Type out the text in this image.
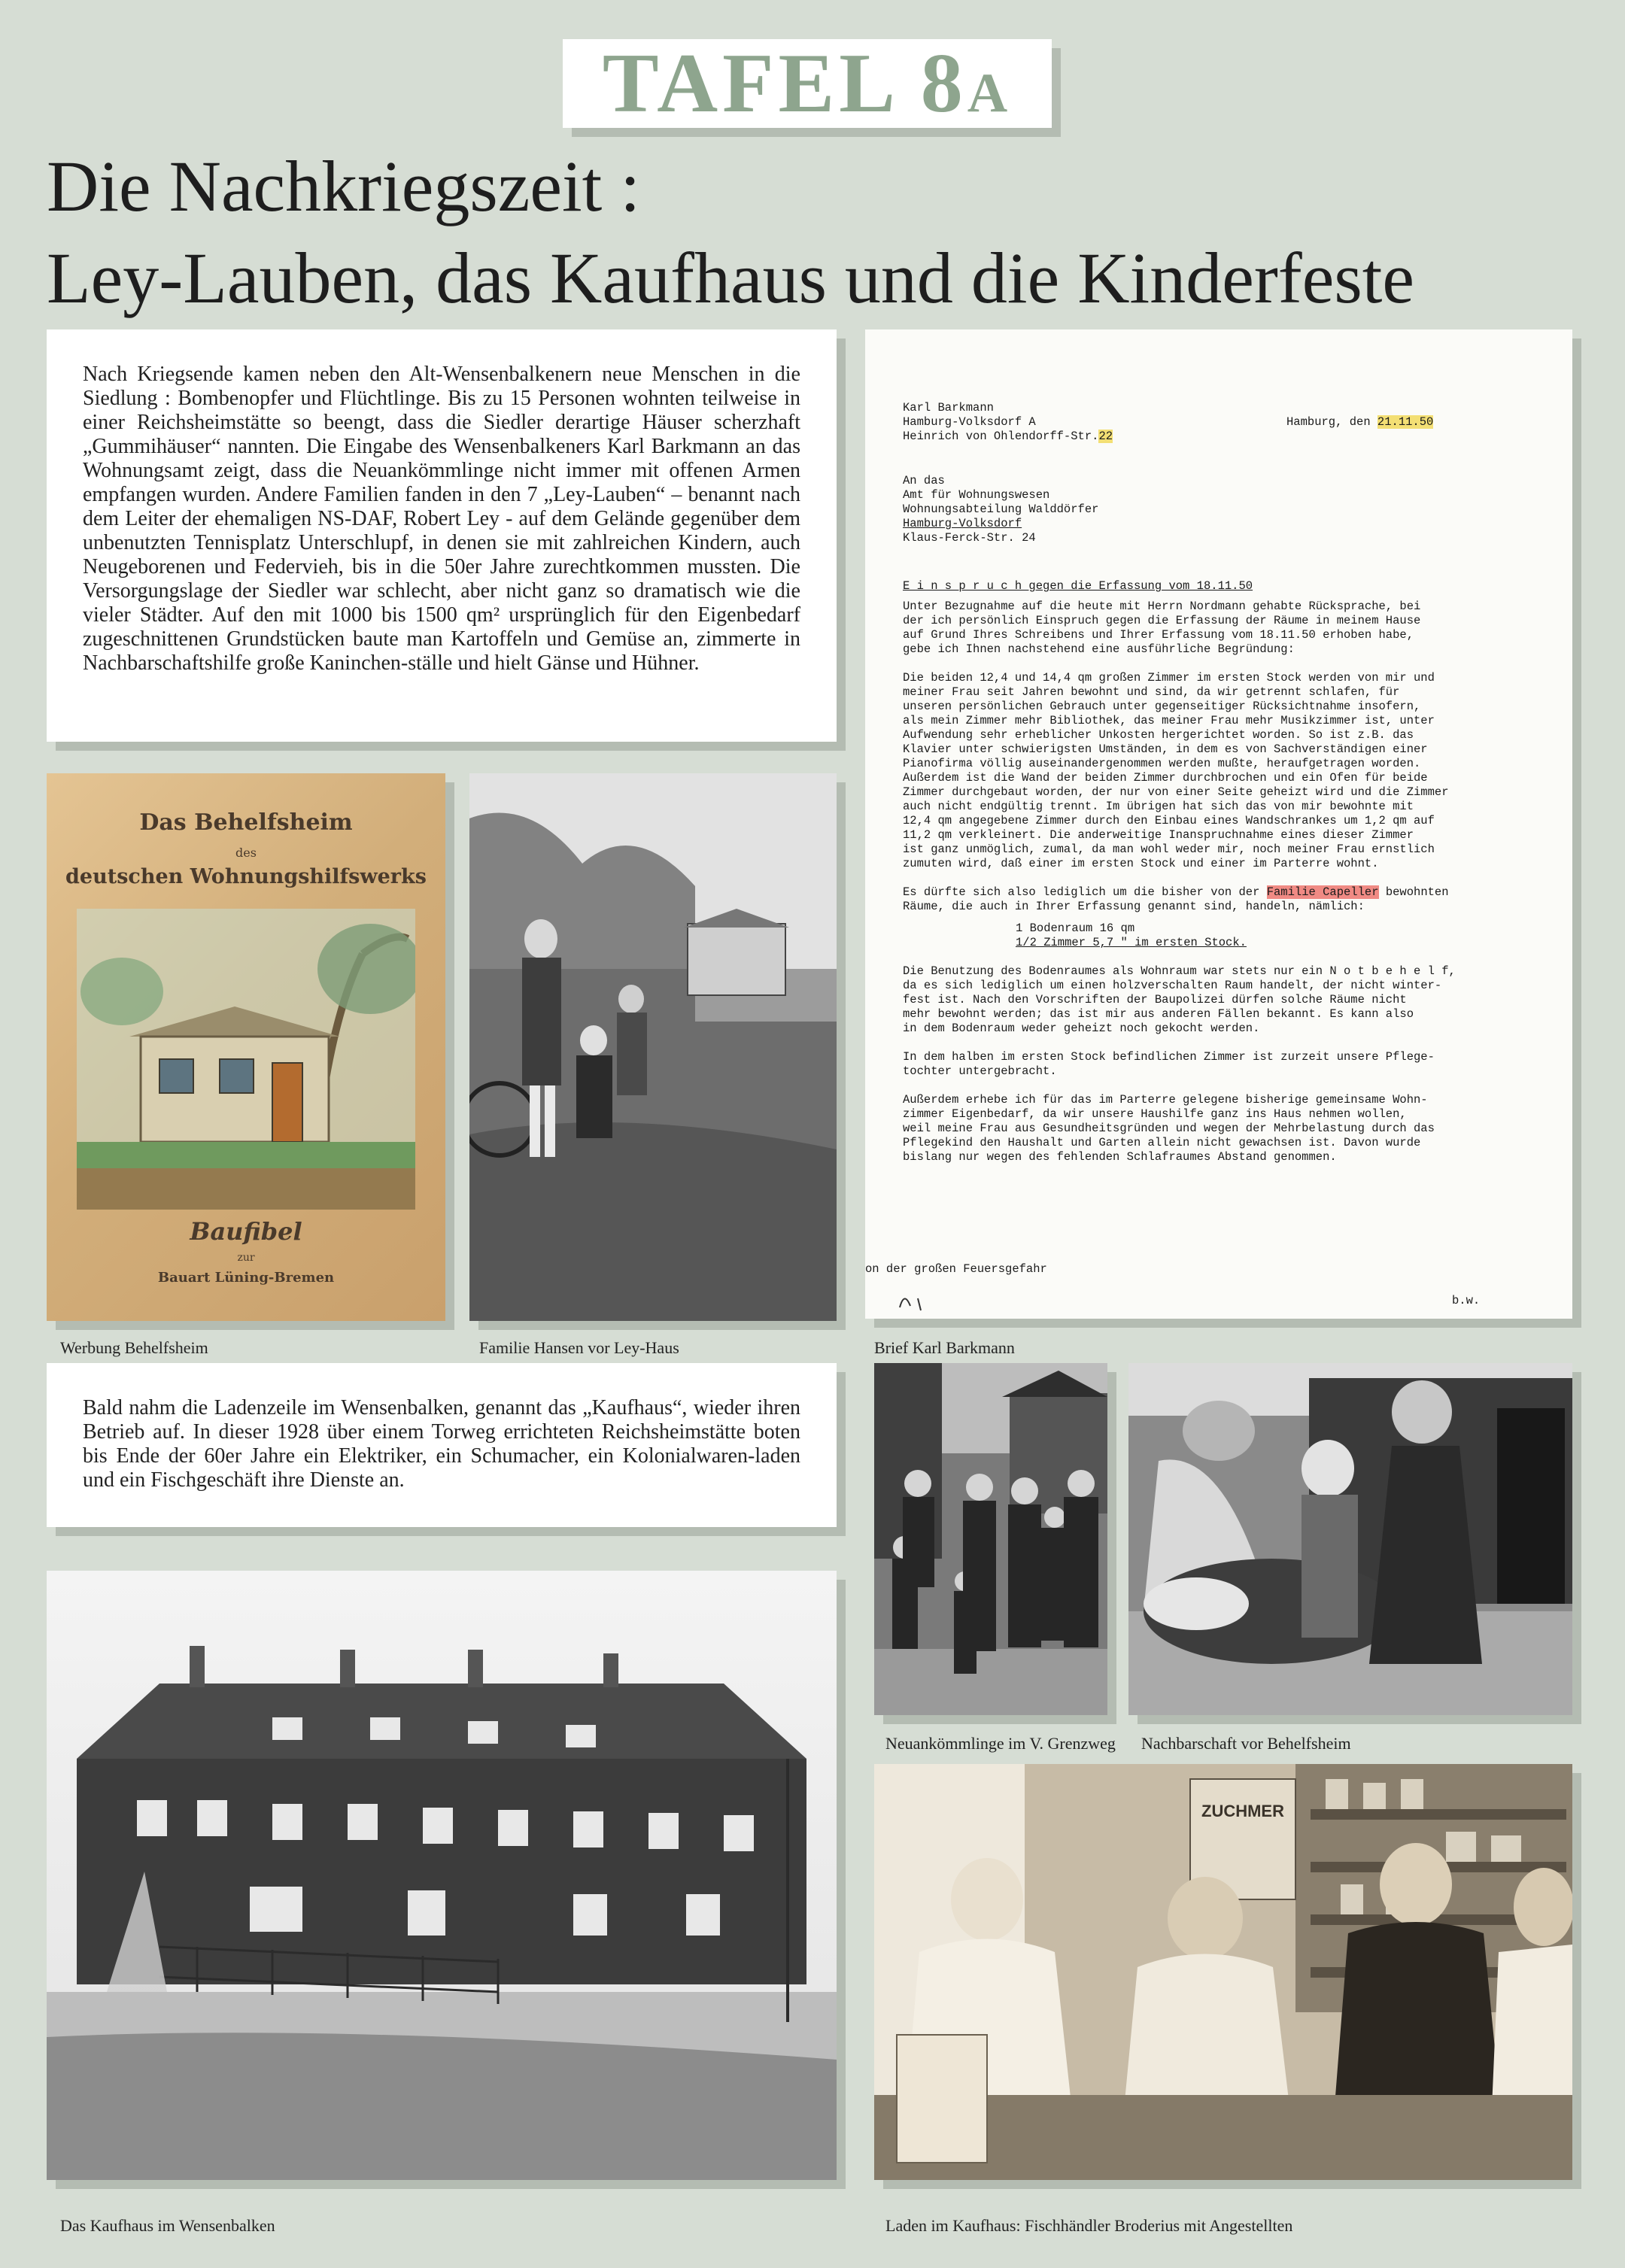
TAFEL 8A
Die Nachkriegszeit :
Ley-Lauben, das Kaufhaus und die Kinderfeste

Nach Kriegsende kamen neben den Alt-Wensenbalkenern neue Menschen in die Siedlung : Bombenopfer und Flüchtlinge. Bis zu 15 Personen wohnten teilweise in einer Reichsheimstätte so beengt, dass die Siedler derartige Häuser scherzhaft „Gummihäuser“ nannten. Die Eingabe des Wensenbalkeners Karl Barkmann an das Wohnungsamt zeigt, dass die Neuankömmlinge nicht immer mit offenen Armen empfangen wurden. Andere Familien fanden in den 7 „Ley-Lauben“ – benannt nach dem Leiter der ehemaligen NS-DAF, Robert Ley - auf dem Gelände gegenüber dem unbenutzten Tennisplatz Unterschlupf, in denen sie mit zahlreichen Kindern, auch Neugeborenen und Federvieh, bis in die 50er Jahre zurechtkommen mussten. Die Versorgungslage der Siedler war schlecht, aber nicht ganz so dramatisch wie die vieler Städter. Auf den mit 1000 bis 1500 qm² ursprünglich für den Eigenbedarf zugeschnittenen Grundstücken baute man Kartoffeln und Gemüse an, zimmerte in Nachbarschaftshilfe große Kaninchen-ställe und hielt Gänse und Hühner.

Karl Barkmann
Hamburg-Volksdorf A	Hamburg, den 21.11.50
Heinrich von Ohlendorff-Str.22
An das
Amt für Wohnungswesen
Wohnungsabteilung Walddörfer
Hamburg-Volksdorf
Klaus-Ferck-Str. 24
E i n s p r u c h gegen die Erfassung vom 18.11.50
Unter Bezugnahme auf die heute mit Herrn Nordmann gehabte Rücksprache, bei
der ich persönlich Einspruch gegen die Erfassung der Räume in meinem Hause
auf Grund Ihres Schreibens und Ihrer Erfassung vom 18.11.50 erhoben habe,
gebe ich Ihnen nachstehend eine ausführliche Begründung:
Die beiden 12,4 und 14,4 qm großen Zimmer im ersten Stock werden von mir und
meiner Frau seit Jahren bewohnt und sind, da wir getrennt schlafen, für
unseren persönlichen Gebrauch unter gegenseitiger Rücksichtnahme insofern,
als mein Zimmer mehr Bibliothek, das meiner Frau mehr Musikzimmer ist, unter
Aufwendung sehr erheblicher Unkosten hergerichtet worden. So ist z.B. das
Klavier unter schwierigsten Umständen, in dem es von Sachverständigen einer
Pianofirma völlig auseinandergenommen werden mußte, heraufgetragen worden.
Außerdem ist die Wand der beiden Zimmer durchbrochen und ein Ofen für beide
Zimmer durchgebaut worden, der nur von einer Seite geheizt wird und die Zimmer
auch nicht endgültig trennt. Im übrigen hat sich das von mir bewohnte mit
12,4 qm angegebene Zimmer durch den Einbau eines Wandschrankes um 1,2 qm auf
11,2 qm verkleinert. Die anderweitige Inanspruchnahme eines dieser Zimmer
ist ganz unmöglich, zumal, da man wohl weder mir, noch meiner Frau ernstlich
zumuten wird, daß einer im ersten Stock und einer im Parterre wohnt.
Es dürfte sich also lediglich um die bisher von der Familie Capeller bewohnten
Räume, die auch in Ihrer Erfassung genannt sind, handeln, nämlich:
1 Bodenraum 16 qm
1/2 Zimmer 5,7 " im ersten Stock.
Die Benutzung des Bodenraumes als Wohnraum war stets nur ein N o t b e h e l f,
da es sich lediglich um einen holzverschalten Raum handelt, der nicht winter-
fest ist. Nach den Vorschriften der Baupolizei dürfen solche Räume nicht
mehr bewohnt werden; das ist mir aus anderen Fällen bekannt. Es kann also
in dem Bodenraum weder geheizt noch gekocht werden.
In dem halben im ersten Stock befindlichen Zimmer ist zurzeit unsere Pflege-
tochter untergebracht.
Außerdem erhebe ich für das im Parterre gelegene bisherige gemeinsame Wohn-
zimmer Eigenbedarf, da wir unsere Haushilfe ganz ins Haus nehmen wollen,
weil meine Frau aus Gesundheitsgründen und wegen der Mehrbelastung durch das
Pflegekind den Haushalt und Garten allein nicht gewachsen ist. Davon wurde
bislang nur wegen des fehlenden Schlafraumes Abstand genommen.
on der großen Feuersgefahr
b.w.
Das Behelfsheim
des
deutschen Wohnungshilfswerks
Baufibel
zur
Bauart Lüning-Bremen

Bald nahm die Ladenzeile im Wensenbalken, genannt das „Kaufhaus“, wieder ihren Betrieb auf. In dieser 1928 über einem Torweg errichteten Reichsheimstätte boten bis Ende der 60er Jahre ein Elektriker, ein Schumacher, ein Kolonialwaren-laden und ein Fischgeschäft ihre Dienste an.

ZUCHMER
Werbung Behelfsheim	Familie Hansen vor Ley-Haus	Brief Karl Barkmann
Neuankömmlinge im V. Grenzweg Nachbarschaft vor Behelfsheim
Das Kaufhaus im Wensenbalken	Laden im Kaufhaus: Fischhändler Broderius mit Angestellten
